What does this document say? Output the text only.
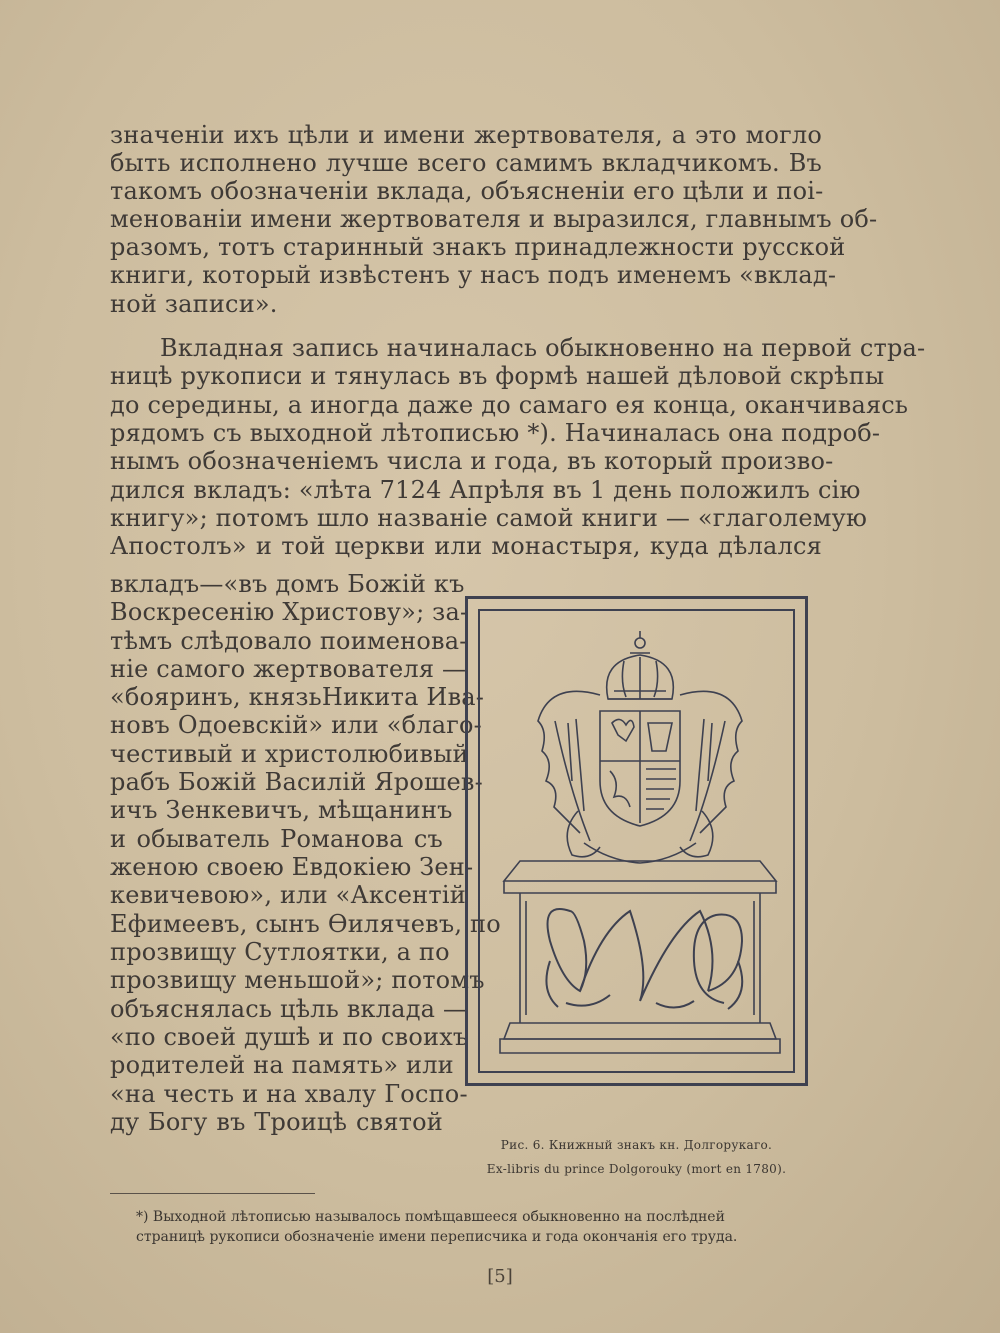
значенiи ихъ цѣли и имени жертвователя, а это могло
быть исполнено лучше всего самимъ вкладчикомъ. Въ
такомъ обозначенiи вклада, объясненiи его цѣли и поi-
менованiи имени жертвователя и выразился, главнымъ об-
разомъ, тотъ старинный знакъ принадлежности русской
книги, который извѣстенъ у насъ подъ именемъ «вклад-
ной записи».
Вкладная запись начиналась обыкновенно на первой стра-
ницѣ рукописи и тянулась въ формѣ нашей дѣловой скрѣпы
до середины, а иногда даже до самаго ея конца, оканчиваясь
рядомъ съ выходной лѣтописью *). Начиналась она подроб-
нымъ обозначенiемъ числа и года, въ который произво-
дился вкладъ: «лѣта 7124 Апрѣля въ 1 день положилъ сiю
книгу»; потомъ шло названiе самой книги — «глаголемую
Апостолъ» и той церкви или монастыря, куда дѣлался
вкладъ—«въ домъ Божiй къ
Воскресенiю Христову»; за-
тѣмъ слѣдовало поименова-
нiе самого жертвователя —
«бояринъ, князьНикита Ива-
новъ Одоевскiй» или «благо-
честивый и христолюбивый
рабъ Божiй Василiй Ярошев-
ичъ Зенкевичъ, мѣщанинъ
и обыватель Романова съ
женою своею Евдокiею Зен-
кевичевою», или «Аксентiй
Ефимеевъ, сынъ Ѳилячевъ, по
прозвищу Сутлоятки, а по
прозвищу меньшой»; потомъ
объяснялась цѣль вклада —
«по своей душѣ и по своихъ
родителей на память» или
«на честь и на хвалу Госпо-
ду Богу въ Троицѣ святой
Рис. 6. Книжный знакъ кн. Долгорукаго.
Ex-libris du prince Dolgorouky (mort en 1780).
*) Выходной лѣтописью называлось помѣщавшееся обыкновенно на послѣдней
страницѣ рукописи обозначенiе имени переписчика и года окончанiя его труда.
[5]
